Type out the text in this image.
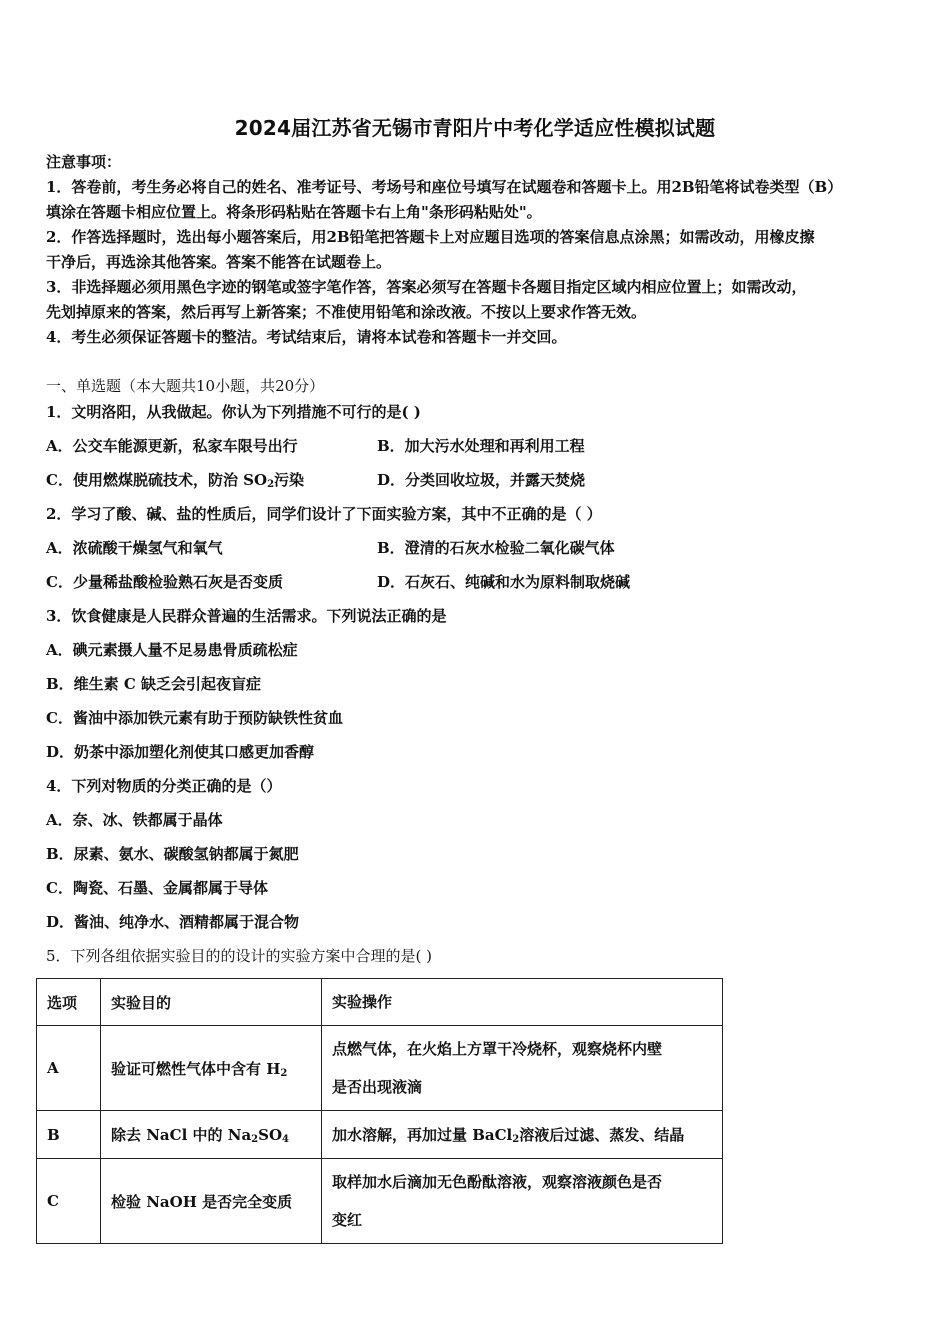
2024届江苏省无锡市青阳片中考化学适应性模拟试题
注意事项：
1．答卷前，考生务必将自己的姓名、准考证号、考场号和座位号填写在试题卷和答题卡上。用2B铅笔将试卷类型（B）
填涂在答题卡相应位置上。将条形码粘贴在答题卡右上角"条形码粘贴处"。
2．作答选择题时，选出每小题答案后，用2B铅笔把答题卡上对应题目选项的答案信息点涂黑；如需改动，用橡皮擦
干净后，再选涂其他答案。答案不能答在试题卷上。
3．非选择题必须用黑色字迹的钢笔或签字笔作答，答案必须写在答题卡各题目指定区域内相应位置上；如需改动，
先划掉原来的答案，然后再写上新答案；不准使用铅笔和涂改液。不按以上要求作答无效。
4．考生必须保证答题卡的整洁。考试结束后，请将本试卷和答题卡一并交回。
一、单选题（本大题共10小题，共20分）
1．文明洛阳，从我做起。你认为下列措施不可行的是( )
A．公交车能源更新，私家车限号出行	B．加大污水处理和再利用工程
C．使用燃煤脱硫技术，防治 $SO_2$污染	D．分类回收垃圾，并露天焚烧
2．学习了酸、碱、盐的性质后，同学们设计了下面实验方案，其中不正确的是（ ）
A．浓硫酸干燥氢气和氧气	B．澄清的石灰水检验二氧化碳气体
C．少量稀盐酸检验熟石灰是否变质	D．石灰石、纯碱和水为原料制取烧碱
3．饮食健康是人民群众普遍的生活需求。下列说法正确的是
A．碘元素摄人量不足易患骨质疏松症
B．维生素 C 缺乏会引起夜盲症
C．酱油中添加铁元素有助于预防缺铁性贫血
D．奶茶中添加塑化剂使其口感更加香醇
4．下列对物质的分类正确的是（）
A．奈、冰、铁都属于晶体
B．尿素、氨水、碳酸氢钠都属于氮肥
C．陶瓷、石墨、金属都属于导体
D．酱油、纯净水、酒精都属于混合物
5．下列各组依据实验目的的设计的实验方案中合理的是( )
选项	实验目的	实验操作
A	验证可燃性气体中含有 $H_2$	点燃气体，在火焰上方罩干冷烧杯，观察烧杯内壁
是否出现液滴
B	除去 NaCl 中的 $Na_2SO_4$	加水溶解，再加过量 BaCl$_2$溶液后过滤、蒸发、结晶
C	检验 NaOH 是否完全变质	取样加水后滴加无色酚酞溶液，观察溶液颜色是否
变红
